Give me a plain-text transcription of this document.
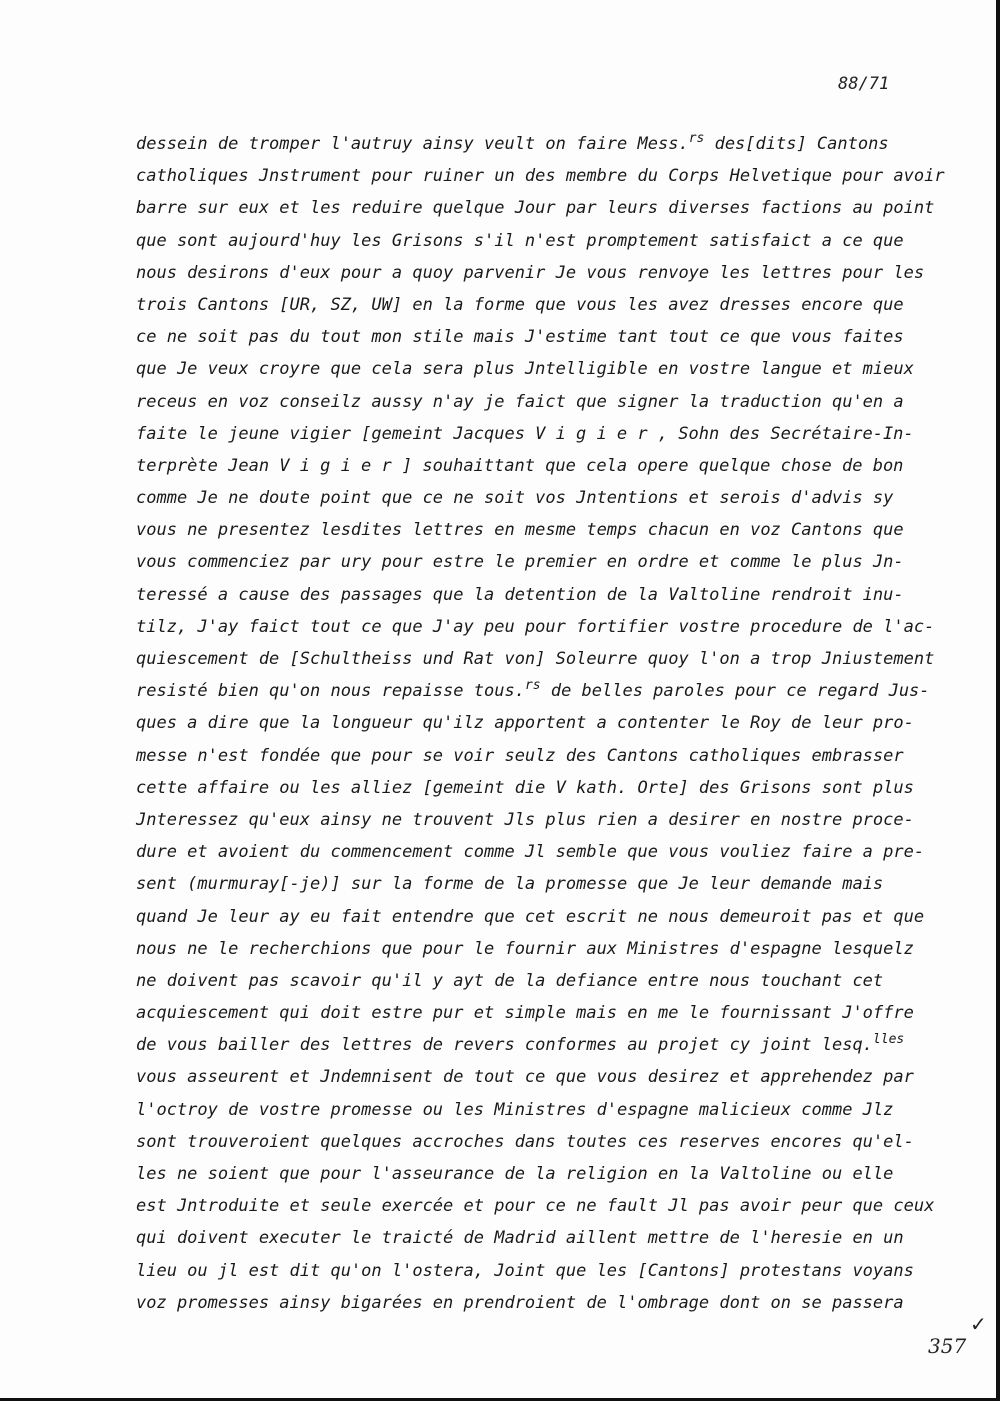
88/71
dessein de tromper l'autruy ainsy veult on faire Mess.$^{rs}$ des[dits] Cantons
catholiques Jnstrument pour ruiner un des membre du Corps Helvetique pour avoir
barre sur eux et les reduire quelque Jour par leurs diverses factions au point
que sont aujourd'huy les Grisons s'il n'est promptement satisfaict a ce que
nous desirons d'eux pour a quoy parvenir Je vous renvoye les lettres pour les
trois Cantons [UR, SZ, UW] en la forme que vous les avez dresses encore que
ce ne soit pas du tout mon stile mais J'estime tant tout ce que vous faites
que Je veux croyre que cela sera plus Jntelligible en vostre langue et mieux
receus en voz conseilz aussy n'ay je faict que signer la traduction qu'en a
faite le jeune vigier [gemeint Jacques Vigier, Sohn des Secrétaire-In-
terprète Jean Vigier] souhaittant que cela opere quelque chose de bon
comme Je ne doute point que ce ne soit vos Jntentions et serois d'advis sy
vous ne presentez lesdites lettres en mesme temps chacun en voz Cantons que
vous commenciez par ury pour estre le premier en ordre et comme le plus Jn-
teressé a cause des passages que la detention de la Valtoline rendroit inu-
tilz, J'ay faict tout ce que J'ay peu pour fortifier vostre procedure de l'ac-
quiescement de [Schultheiss und Rat von] Soleurre quoy l'on a trop Jniustement
resisté bien qu'on nous repaisse tous.$^{rs}$ de belles paroles pour ce regard Jus-
ques a dire que la longueur qu'ilz apportent a contenter le Roy de leur pro-
messe n'est fondée que pour se voir seulz des Cantons catholiques embrasser
cette affaire ou les alliez [gemeint die V kath. Orte] des Grisons sont plus
Jnteressez qu'eux ainsy ne trouvent Jls plus rien a desirer en nostre proce-
dure et avoient du commencement comme Jl semble que vous vouliez faire a pre-
sent (murmuray[-je)] sur la forme de la promesse que Je leur demande mais
quand Je leur ay eu fait entendre que cet escrit ne nous demeuroit pas et que
nous ne le recherchions que pour le fournir aux Ministres d'espagne lesquelz
ne doivent pas scavoir qu'il y ayt de la defiance entre nous touchant cet
acquiescement qui doit estre pur et simple mais en me le fournissant J'offre
de vous bailler des lettres de revers conformes au projet cy joint lesq.$^{lles}$
vous asseurent et Jndemnisent de tout ce que vous desirez et apprehendez par
l'octroy de vostre promesse ou les Ministres d'espagne malicieux comme Jlz
sont trouveroient quelques accroches dans toutes ces reserves encores qu'el-
les ne soient que pour l'asseurance de la religion en la Valtoline ou elle
est Jntroduite et seule exercée et pour ce ne fault Jl pas avoir peur que ceux
qui doivent executer le traicté de Madrid aillent mettre de l'heresie en un
lieu ou jl est dit qu'on l'ostera, Joint que les [Cantons] protestans voyans
voz promesses ainsy bigarées en prendroient de l'ombrage dont on se passera
✓
357
